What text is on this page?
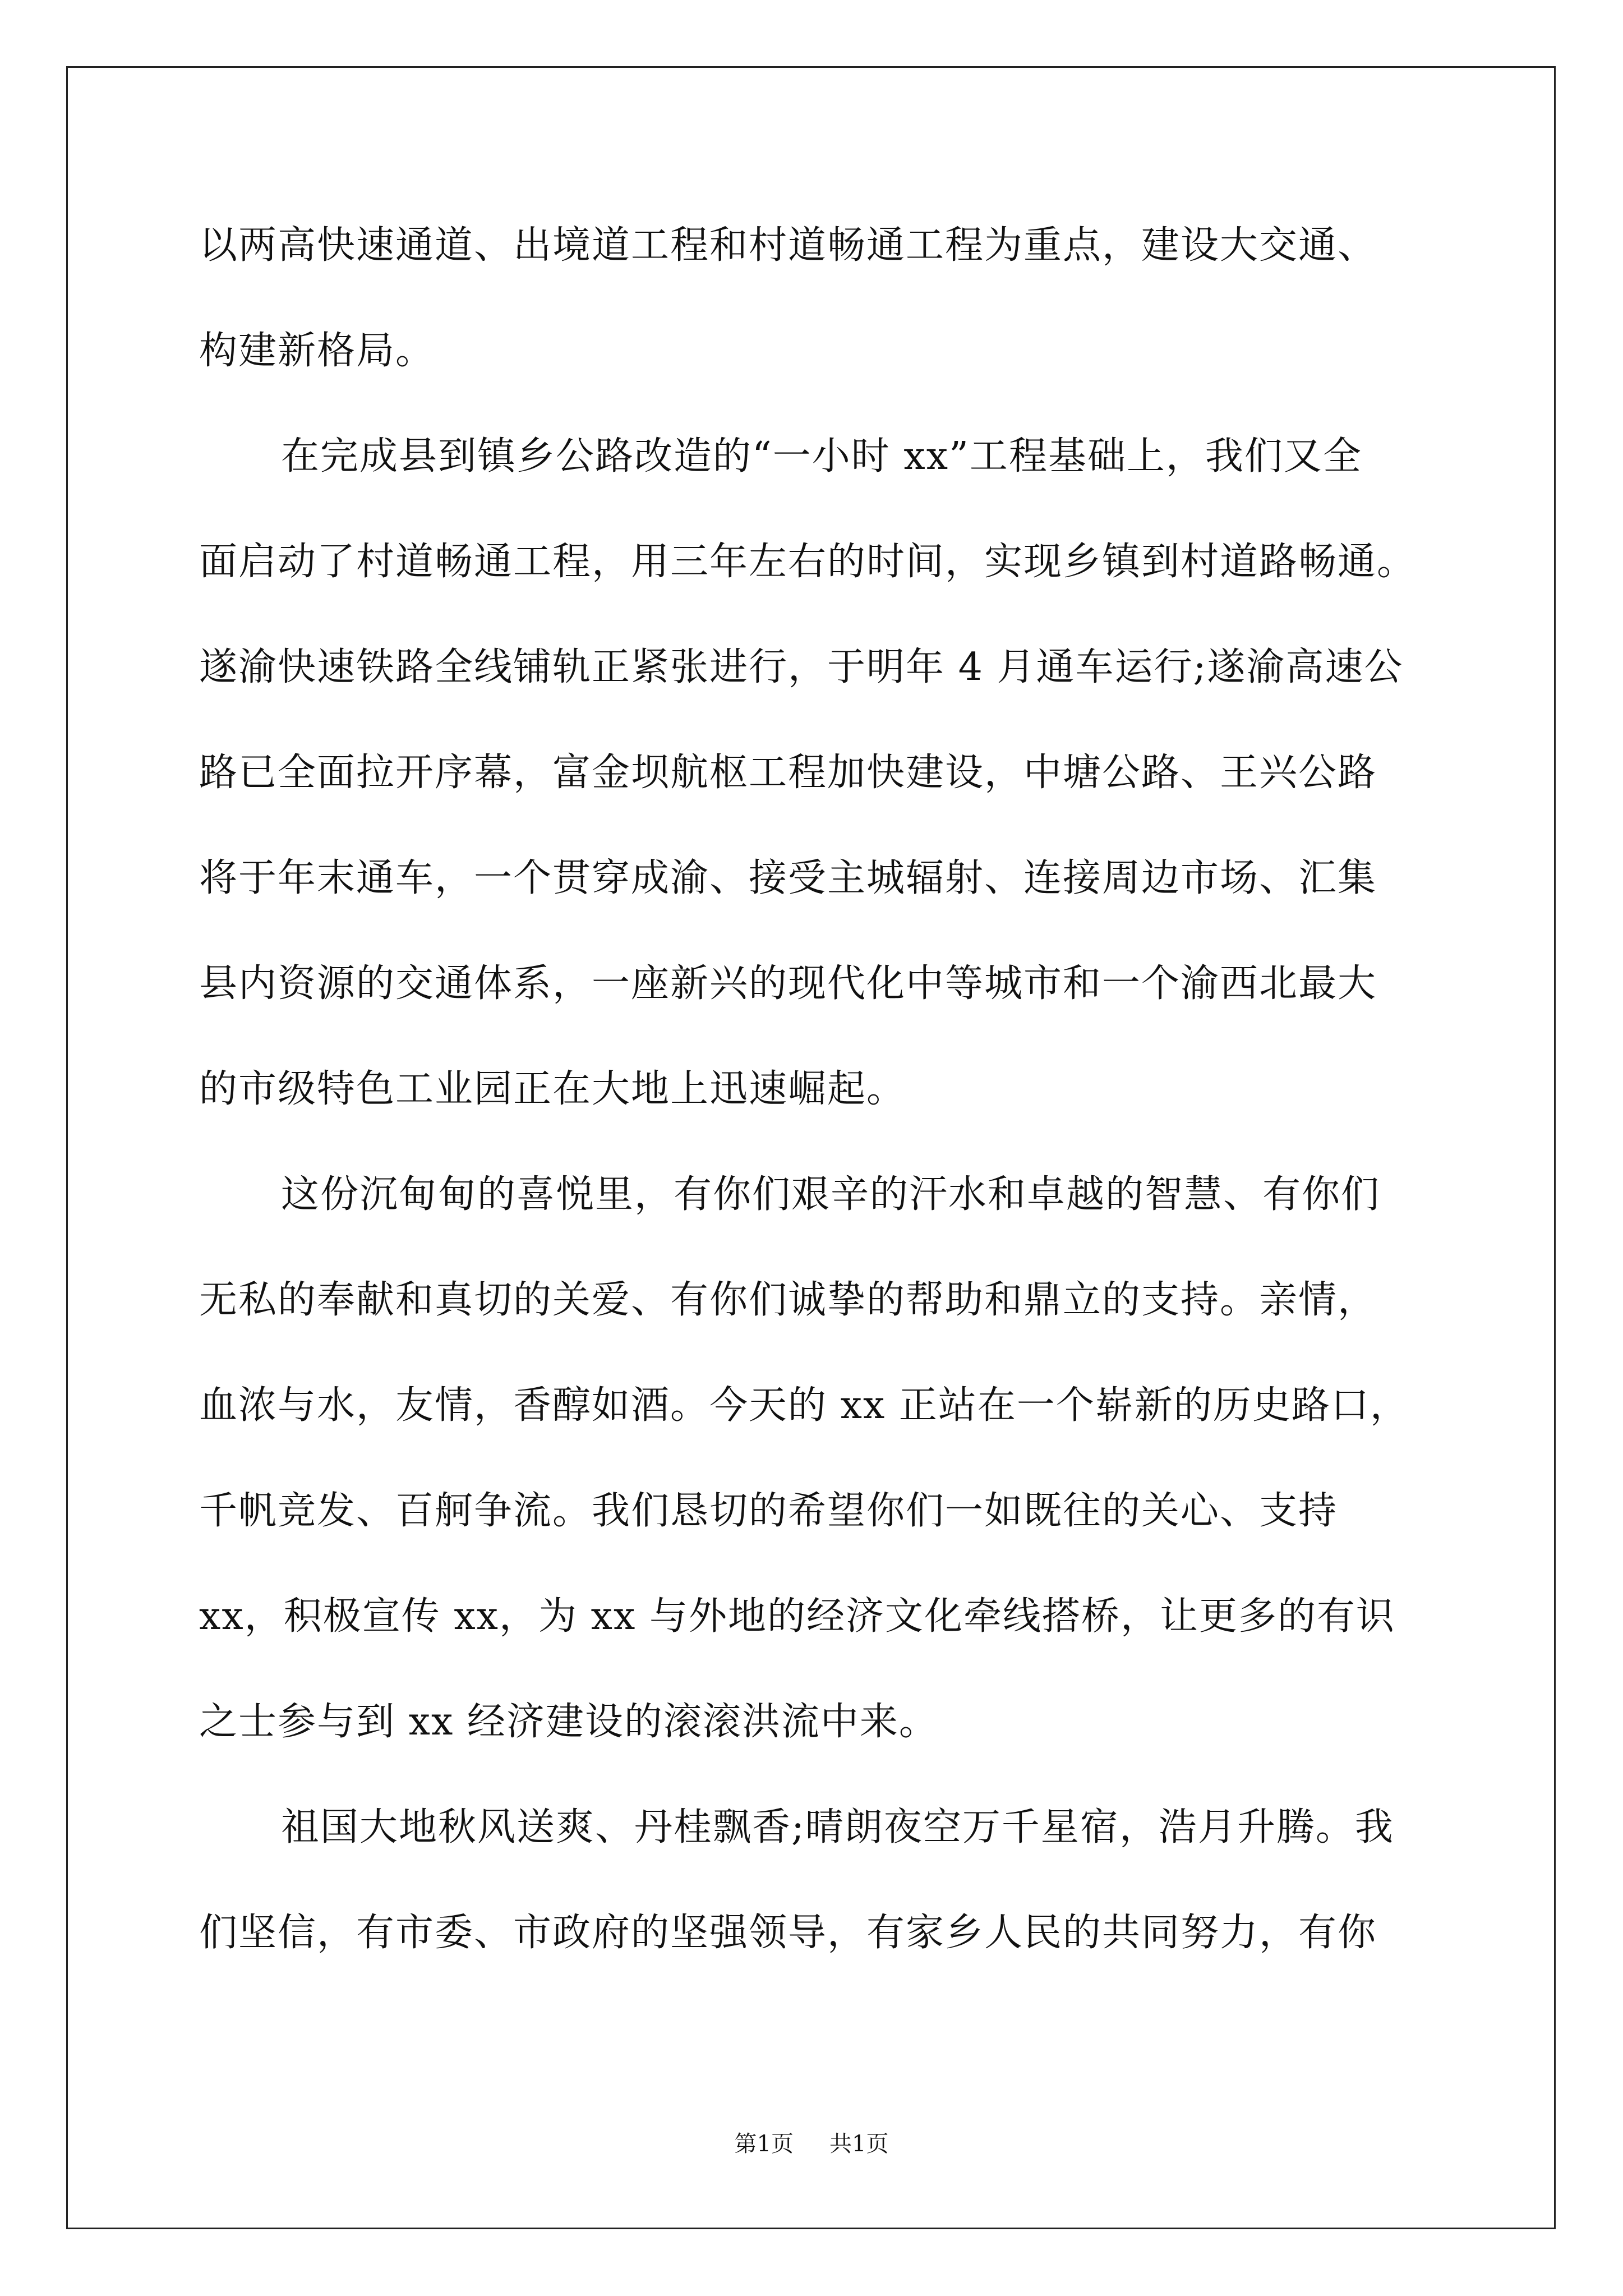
以两高快速通道、出境道工程和村道畅通工程为重点，建设大交通、
构建新格局。
在完成县到镇乡公路改造的“一小时 xx”工程基础上，我们又全
面启动了村道畅通工程，用三年左右的时间，实现乡镇到村道路畅通。
遂渝快速铁路全线铺轨正紧张进行，于明年 4 月通车运行;遂渝高速公
路已全面拉开序幕，富金坝航枢工程加快建设，中塘公路、王兴公路
将于年末通车，一个贯穿成渝、接受主城辐射、连接周边市场、汇集
县内资源的交通体系，一座新兴的现代化中等城市和一个渝西北最大
的市级特色工业园正在大地上迅速崛起。
这份沉甸甸的喜悦里，有你们艰辛的汗水和卓越的智慧、有你们
无私的奉献和真切的关爱、有你们诚挚的帮助和鼎立的支持。亲情，
血浓与水，友情，香醇如酒。今天的 xx 正站在一个崭新的历史路口，
千帆竞发、百舸争流。我们恳切的希望你们一如既往的关心、支持
xx，积极宣传 xx，为 xx 与外地的经济文化牵线搭桥，让更多的有识
之士参与到 xx 经济建设的滚滚洪流中来。
祖国大地秋风送爽、丹桂飘香;晴朗夜空万千星宿，浩月升腾。我
们坚信，有市委、市政府的坚强领导，有家乡人民的共同努力，有你
第1页 共1页
